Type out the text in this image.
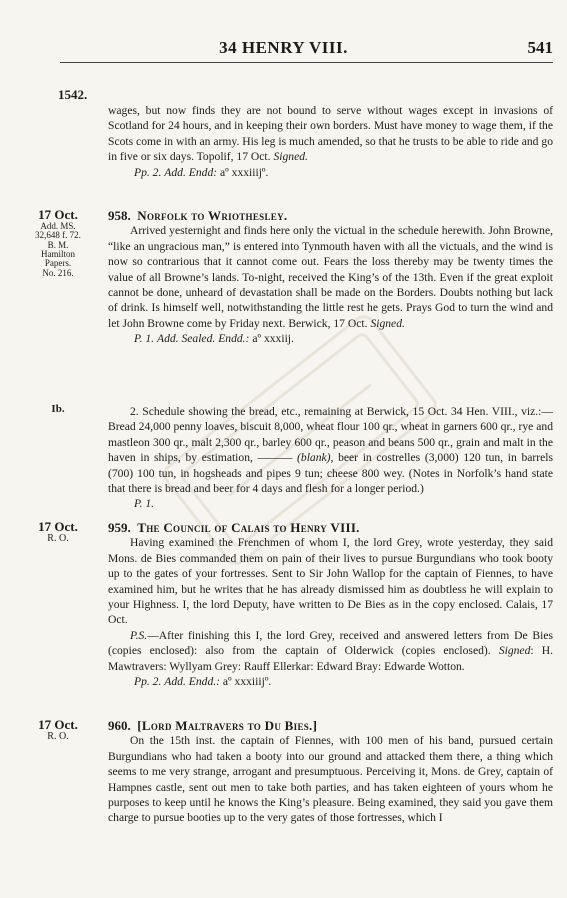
34 HENRY VIII.	541
1542.

wages, but now finds they are not bound to serve without wages except in invasions of Scotland for 24 hours, and in keeping their own borders. Must have money to wage them, if the Scots come in with an army. His leg is much amended, so that he trusts to be able to ride and go in five or six days. Topolif, 17 Oct. Signed.

Pp. 2. Add. Endd: aº xxxiiijº.

17 Oct.
Add. MS.
32,648 f. 72.
B. M.
Hamilton
Papers.
No. 216.

958. Norfolk to Wriothesley.

Arrived yesternight and finds here only the victual in the schedule herewith. John Browne, “like an ungracious man,” is entered into Tynmouth haven with all the victuals, and the wind is now so contrarious that it cannot come out. Fears the loss thereby may be twenty times the value of all Browne’s lands. To-night, received the King’s of the 13th. Even if the great exploit cannot be done, unheard of devastation shall be made on the Borders. Doubts nothing but lack of drink. Is himself well, notwithstanding the little rest he gets. Prays God to turn the wind and let John Browne come by Friday next. Berwick, 17 Oct. Signed.

P. 1. Add. Sealed. Endd.: aº xxxiij.

Ib.	2. Schedule showing the bread, etc., remaining at Berwick, 15 Oct. 34 Hen. VIII., viz.:—Bread 24,000 penny loaves, biscuit 8,000, wheat flour 100 qr., wheat in garners 600 qr., rye and mastleon 300 qr., malt 2,300 qr., barley 600 qr., peason and beans 500 qr., grain and malt in the haven in ships, by estimation, ——— (blank), beer in costrelles (3,000) 120 tun, in barrels (700) 100 tun, in hogsheads and pipes 9 tun; cheese 800 wey. (Notes in Norfolk’s hand state that there is bread and beer for 4 days and flesh for a longer period.)

P. 1.

17 Oct.
R. O.

959. The Council of Calais to Henry VIII.

Having examined the Frenchmen of whom I, the lord Grey, wrote yesterday, they said Mons. de Bies commanded them on pain of their lives to pursue Burgundians who took booty up to the gates of your fortresses. Sent to Sir John Wallop for the captain of Fiennes, to have examined him, but he writes that he has already dismissed him as doubtless he will explain to your Highness. I, the lord Deputy, have written to De Bies as in the copy enclosed. Calais, 17 Oct.

P.S.—After finishing this I, the lord Grey, received and answered letters from De Bies (copies enclosed): also from the captain of Olderwick (copies enclosed). Signed: H. Mawtravers: Wyllyam Grey: Rauff Ellerkar: Edward Bray: Edwarde Wotton.

Pp. 2. Add. Endd.: aº xxxiiijº.

17 Oct.
R. O.

960. [Lord Maltravers to Du Bies.]

On the 15th inst. the captain of Fiennes, with 100 men of his band, pursued certain Burgundians who had taken a booty into our ground and attacked them there, a thing which seems to me very strange, arrogant and presumptuous. Perceiving it, Mons. de Grey, captain of Hampnes castle, sent out men to take both parties, and has taken eighteen of yours whom he purposes to keep until he knows the King’s pleasure. Being examined, they said you gave them charge to pursue booties up to the very gates of those fortresses, which I
